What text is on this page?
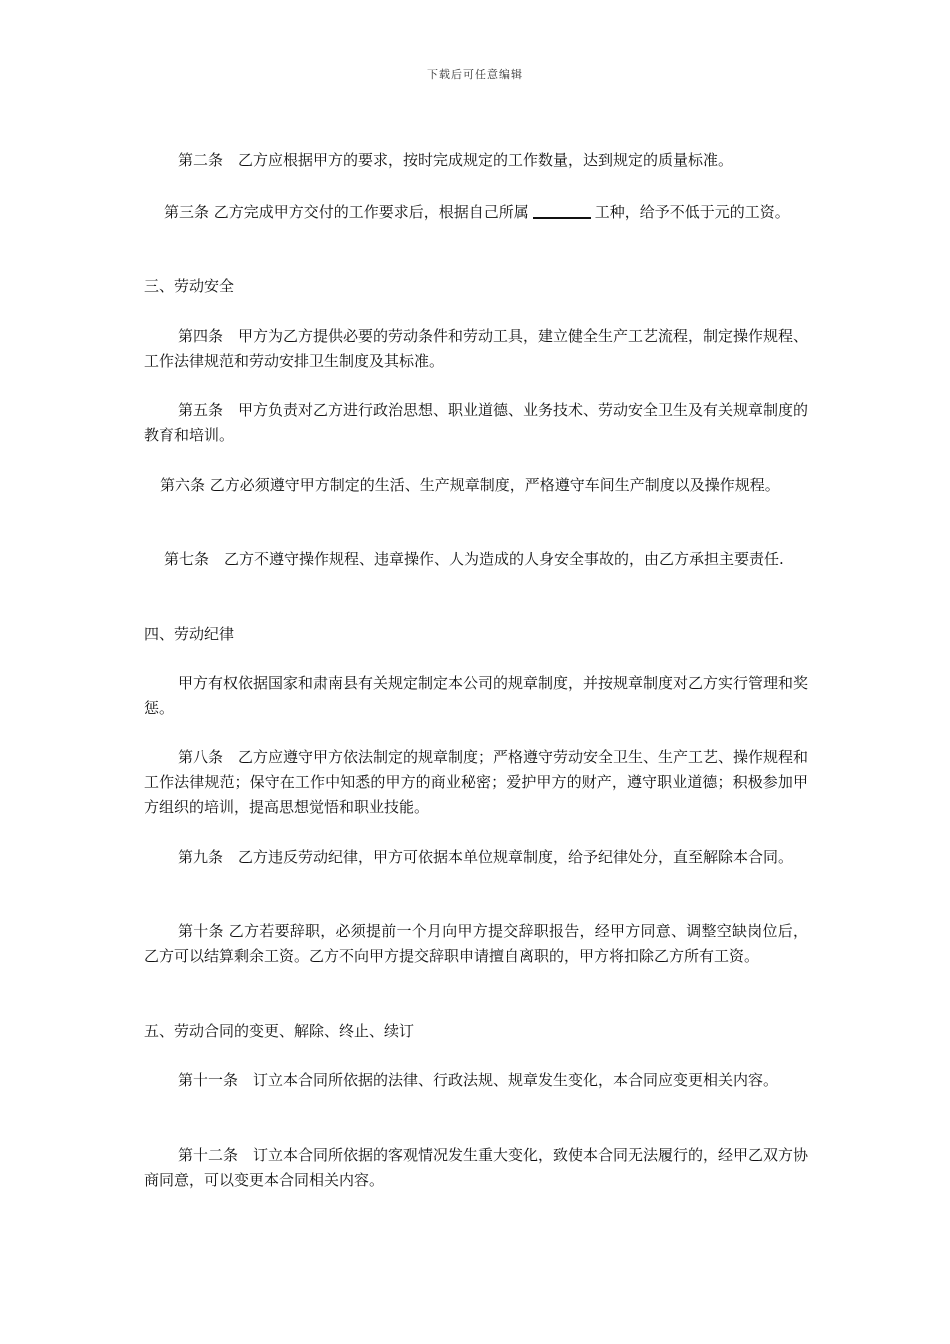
下载后可任意编辑

第二条　乙方应根据甲方的要求，按时完成规定的工作数量，达到规定的质量标准。

第三条 乙方完成甲方交付的工作要求后，根据自己所属	工种，给予不低于元的工资。

三、劳动安全

第四条　甲方为乙方提供必要的劳动条件和劳动工具，建立健全生产工艺流程，制定操作规程、工作法律规范和劳动安排卫生制度及其标准。

第五条　甲方负责对乙方进行政治思想、职业道德、业务技术、劳动安全卫生及有关规章制度的教育和培训。

第六条 乙方必须遵守甲方制定的生活、生产规章制度，严格遵守车间生产制度以及操作规程。

第七条　乙方不遵守操作规程、违章操作、人为造成的人身安全事故的，由乙方承担主要责任.

四、劳动纪律

甲方有权依据国家和肃南县有关规定制定本公司的规章制度，并按规章制度对乙方实行管理和奖惩。

第八条　乙方应遵守甲方依法制定的规章制度；严格遵守劳动安全卫生、生产工艺、操作规程和工作法律规范；保守在工作中知悉的甲方的商业秘密；爱护甲方的财产，遵守职业道德；积极参加甲方组织的培训，提高思想觉悟和职业技能。

第九条　乙方违反劳动纪律，甲方可依据本单位规章制度，给予纪律处分，直至解除本合同。

第十条 乙方若要辞职，必须提前一个月向甲方提交辞职报告，经甲方同意、调整空缺岗位后，乙方可以结算剩余工资。乙方不向甲方提交辞职申请擅自离职的，甲方将扣除乙方所有工资。

五、劳动合同的变更、解除、终止、续订

第十一条　订立本合同所依据的法律、行政法规、规章发生变化，本合同应变更相关内容。

第十二条　订立本合同所依据的客观情况发生重大变化，致使本合同无法履行的，经甲乙双方协商同意，可以变更本合同相关内容。
